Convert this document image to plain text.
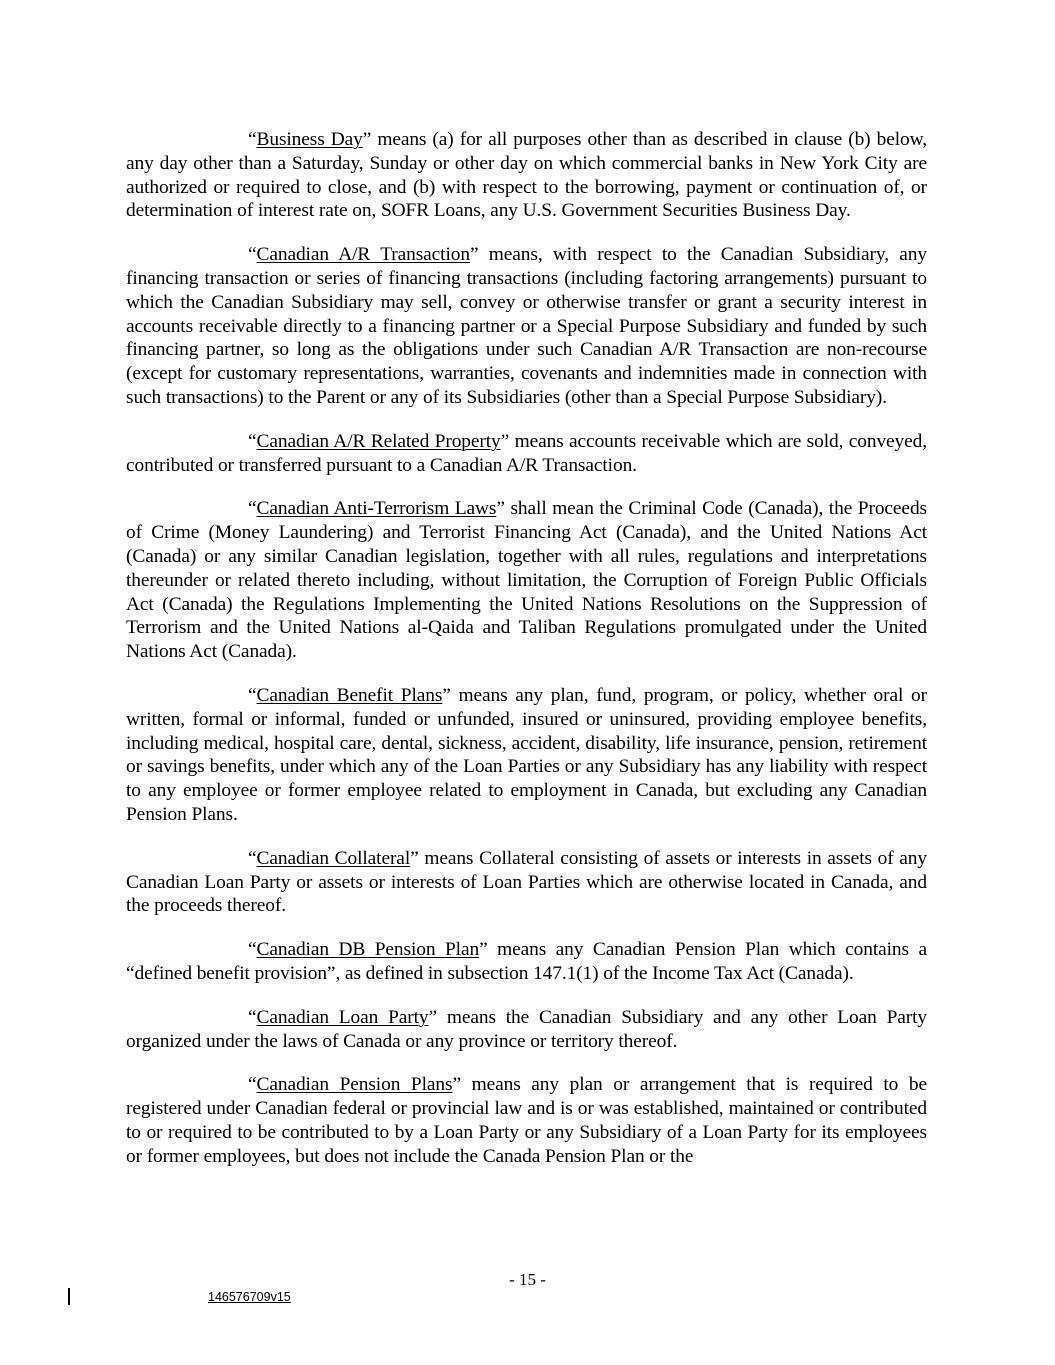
“Business Day” means (a) for all purposes other than as described in clause (b) below, any day other than a Saturday, Sunday or other day on which commercial banks in New York City are authorized or required to close, and (b) with respect to the borrowing, payment or continuation of, or determination of interest rate on, SOFR Loans, any U.S. Government Securities Business Day.

“Canadian A/R Transaction” means, with respect to the Canadian Subsidiary, any financing transaction or series of financing transactions (including factoring arrangements) pursuant to which the Canadian Subsidiary may sell, convey or otherwise transfer or grant a security interest in accounts receivable directly to a financing partner or a Special Purpose Subsidiary and funded by such financing partner, so long as the obligations under such Canadian A/R Transaction are non-recourse (except for customary representations, warranties, covenants and indemnities made in connection with such transactions) to the Parent or any of its Subsidiaries (other than a Special Purpose Subsidiary).

“Canadian A/R Related Property” means accounts receivable which are sold, conveyed, contributed or transferred pursuant to a Canadian A/R Transaction.

“Canadian Anti-Terrorism Laws” shall mean the Criminal Code (Canada), the Proceeds of Crime (Money Laundering) and Terrorist Financing Act (Canada), and the United Nations Act (Canada) or any similar Canadian legislation, together with all rules, regulations and interpretations thereunder or related thereto including, without limitation, the Corruption of Foreign Public Officials Act (Canada) the Regulations Implementing the United Nations Resolutions on the Suppression of Terrorism and the United Nations al-Qaida and Taliban Regulations promulgated under the United Nations Act (Canada).

“Canadian Benefit Plans” means any plan, fund, program, or policy, whether oral or written, formal or informal, funded or unfunded, insured or uninsured, providing employee benefits, including medical, hospital care, dental, sickness, accident, disability, life insurance, pension, retirement or savings benefits, under which any of the Loan Parties or any Subsidiary has any liability with respect to any employee or former employee related to employment in Canada, but excluding any Canadian Pension Plans.

“Canadian Collateral” means Collateral consisting of assets or interests in assets of any Canadian Loan Party or assets or interests of Loan Parties which are otherwise located in Canada, and the proceeds thereof.

“Canadian DB Pension Plan” means any Canadian Pension Plan which contains a “defined benefit provision”, as defined in subsection 147.1(1) of the Income Tax Act (Canada).

“Canadian Loan Party” means the Canadian Subsidiary and any other Loan Party organized under the laws of Canada or any province or territory thereof.

“Canadian Pension Plans” means any plan or arrangement that is required to be registered under Canadian federal or provincial law and is or was established, maintained or contributed to or required to be contributed to by a Loan Party or any Subsidiary of a Loan Party for its employees or former employees, but does not include the Canada Pension Plan or the

- 15 -
146576709v15
